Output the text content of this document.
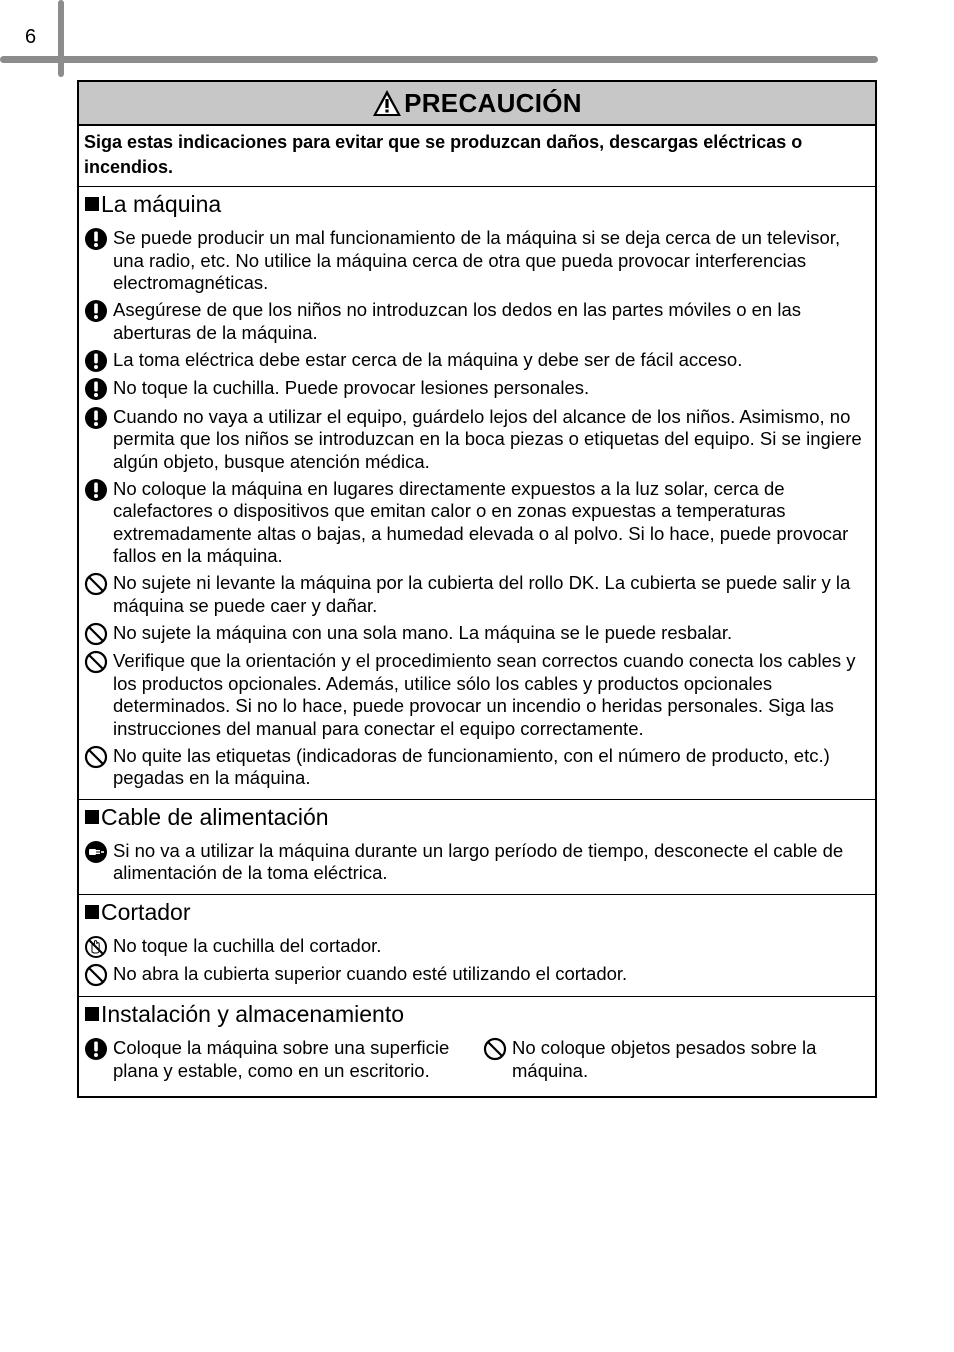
6
PRECAUCIÓN
Siga estas indicaciones para evitar que se produzcan daños, descargas eléctricas o incendios.
La máquina
Se puede producir un mal funcionamiento de la máquina si se deja cerca de un televisor, una radio, etc. No utilice la máquina cerca de otra que pueda provocar interferencias electromagnéticas.
Asegúrese de que los niños no introduzcan los dedos en las partes móviles o en las aberturas de la máquina.
La toma eléctrica debe estar cerca de la máquina y debe ser de fácil acceso.
No toque la cuchilla. Puede provocar lesiones personales.
Cuando no vaya a utilizar el equipo, guárdelo lejos del alcance de los niños. Asimismo, no permita que los niños se introduzcan en la boca piezas o etiquetas del equipo. Si se ingiere algún objeto, busque atención médica.
No coloque la máquina en lugares directamente expuestos a la luz solar, cerca de calefactores o dispositivos que emitan calor o en zonas expuestas a temperaturas extremadamente altas o bajas, a humedad elevada o al polvo. Si lo hace, puede provocar fallos en la máquina.
No sujete ni levante la máquina por la cubierta del rollo DK. La cubierta se puede salir y la máquina se puede caer y dañar.
No sujete la máquina con una sola mano. La máquina se le puede resbalar.
Verifique que la orientación y el procedimiento sean correctos cuando conecta los cables y los productos opcionales. Además, utilice sólo los cables y productos opcionales determinados. Si no lo hace, puede provocar un incendio o heridas personales. Siga las instrucciones del manual para conectar el equipo correctamente.
No quite las etiquetas (indicadoras de funcionamiento, con el número de producto, etc.) pegadas en la máquina.
Cable de alimentación
Si no va a utilizar la máquina durante un largo período de tiempo, desconecte el cable de alimentación de la toma eléctrica.
Cortador
No toque la cuchilla del cortador.
No abra la cubierta superior cuando esté utilizando el cortador.
Instalación y almacenamiento
Coloque la máquina sobre una superficie plana y estable, como en un escritorio.
No coloque objetos pesados sobre la máquina.
